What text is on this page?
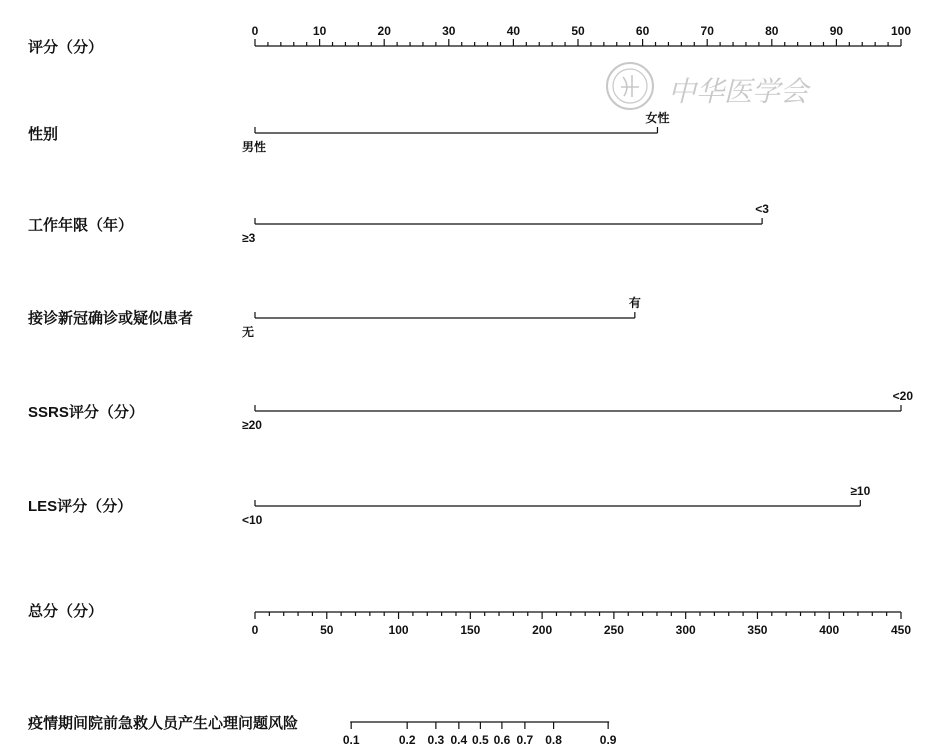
中华医学会
评分（分）
0	10	20	30	40	50	60	70	80	90	100
性别
男性
女性
工作年限（年）
≥3
<3
接诊新冠确诊或疑似患者
无
有
SSRS评分（分）
≥20
<20
LES评分（分）
<10
≥10
总分（分）
0	50	100	150	200	250	300	350	400	450
疫情期间院前急救人员产生心理问题风险
0.1	0.2 0.3 0.4 0.5 0.6 0.7 0.8	0.9
